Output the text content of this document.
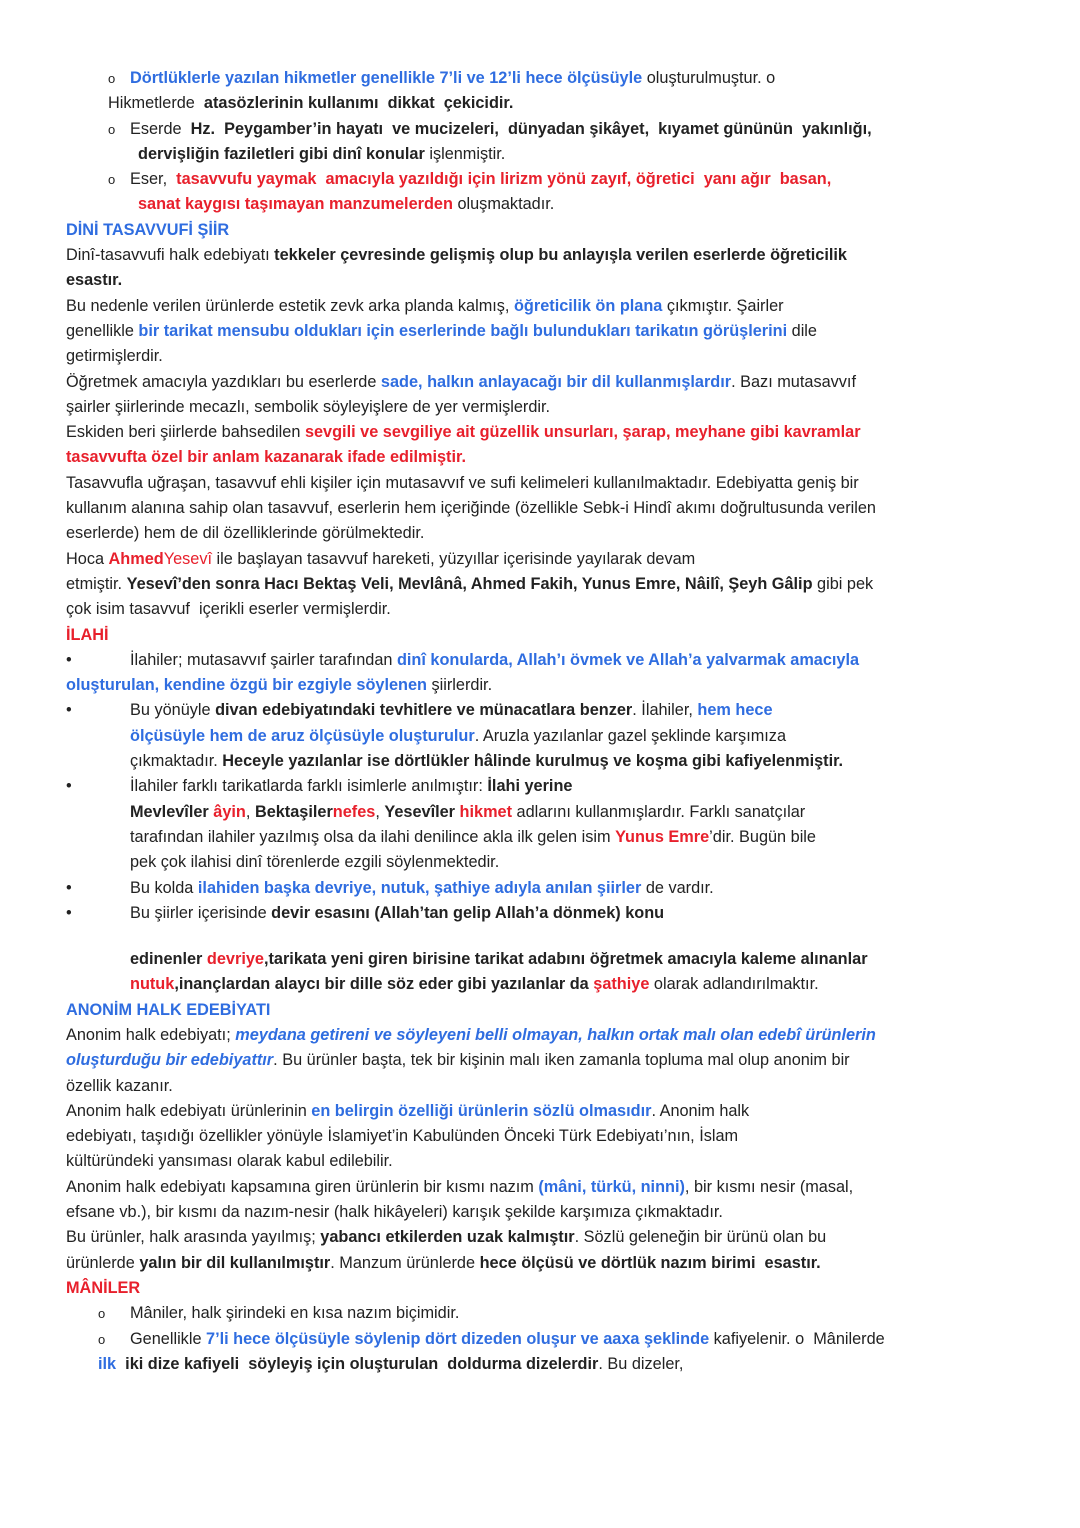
o Dörtlüklerle yazılan hikmetler genellikle 7’li ve 12’li hece ölçüsüyle oluşturulmuştur. o
Hikmetlerde  atasözlerinin kullanımı  dikkat  çekicidir.
o Eserde  Hz.  Peygamber’in hayatı  ve mucizeleri,  dünyadan şikâyet,  kıyamet gününün  yakınlığı,
dervişliğin faziletleri gibi dinî konular işlenmiştir.
o Eser,  tasavvufu yaymak  amacıyla yazıldığı için lirizm yönü zayıf, öğretici  yanı ağır  basan,
sanat kaygısı taşımayan manzumelerden oluşmaktadır.
DİNİ TASAVVUFİ ŞİİR
Dinî-tasavvufi halk edebiyatı tekkeler çevresinde gelişmiş olup bu anlayışla verilen eserlerde öğreticilik
esastır.
Bu nedenle verilen ürünlerde estetik zevk arka planda kalmış, öğreticilik ön plana çıkmıştır. Şairler
genellikle bir tarikat mensubu oldukları için eserlerinde bağlı bulundukları tarikatın görüşlerini dile
getirmişlerdir.
Öğretmek amacıyla yazdıkları bu eserlerde sade, halkın anlayacağı bir dil kullanmışlardır. Bazı mutasavvıf
şairler şiirlerinde mecazlı, sembolik söyleyişlere de yer vermişlerdir.
Eskiden beri şiirlerde bahsedilen sevgili ve sevgiliye ait güzellik unsurları, şarap, meyhane gibi kavramlar
tasavvufta özel bir anlam kazanarak ifade edilmiştir.
Tasavvufla uğraşan, tasavvuf ehli kişiler için mutasavvıf ve sufi kelimeleri kullanılmaktadır. Edebiyatta geniş bir
kullanım alanına sahip olan tasavvuf, eserlerin hem içeriğinde (özellikle Sebk-i Hindî akımı doğrultusunda verilen
eserlerde) hem de dil özelliklerinde görülmektedir.
Hoca AhmedYesevî ile başlayan tasavvuf hareketi, yüzyıllar içerisinde yayılarak devam
etmiştir. Yesevî’den sonra Hacı Bektaş Veli, Mevlânâ, Ahmed Fakih, Yunus Emre, Nâilî, Şeyh Gâlip gibi pek
çok isim tasavvuf  içerikli eserler vermişlerdir.
İLAHİ
•	İlahiler; mutasavvıf şairler tarafından dinî konularda, Allah’ı övmek ve Allah’a yalvarmak amacıyla
oluşturulan, kendine özgü bir ezgiyle söylenen şiirlerdir.
•	Bu yönüyle divan edebiyatındaki tevhitlere ve münacatlara benzer. İlahiler, hem hece
ölçüsüyle hem de aruz ölçüsüyle oluşturulur. Aruzla yazılanlar gazel şeklinde karşımıza
çıkmaktadır. Heceyle yazılanlar ise dörtlükler hâlinde kurulmuş ve koşma gibi kafiyelenmiştir.
•	İlahiler farklı tarikatlarda farklı isimlerle anılmıştır: İlahi yerine
Mevlevîler âyin, Bektaşilernefes, Yesevîler hikmet adlarını kullanmışlardır. Farklı sanatçılar
tarafından ilahiler yazılmış olsa da ilahi denilince akla ilk gelen isim Yunus Emre’dir. Bugün bile
pek çok ilahisi dinî törenlerde ezgili söylenmektedir.
•	Bu kolda ilahiden başka devriye, nutuk, şathiye adıyla anılan şiirler de vardır.
•	Bu şiirler içerisinde devir esasını (Allah’tan gelip Allah’a dönmek) konu
edinenler devriye,tarikata yeni giren birisine tarikat adabını öğretmek amacıyla kaleme alınanlar
nutuk,inançlardan alaycı bir dille söz eder gibi yazılanlar da şathiye olarak adlandırılmaktır.
ANONİM HALK EDEBİYATI
Anonim halk edebiyatı; meydana getireni ve söyleyeni belli olmayan, halkın ortak malı olan edebî ürünlerin
oluşturduğu bir edebiyattır. Bu ürünler başta, tek bir kişinin malı iken zamanla topluma mal olup anonim bir
özellik kazanır.
Anonim halk edebiyatı ürünlerinin en belirgin özelliği ürünlerin sözlü olmasıdır. Anonim halk
edebiyatı, taşıdığı özellikler yönüyle İslamiyet’in Kabulünden Önceki Türk Edebiyatı’nın, İslam
kültüründeki yansıması olarak kabul edilebilir.
Anonim halk edebiyatı kapsamına giren ürünlerin bir kısmı nazım (mâni, türkü, ninni), bir kısmı nesir (masal,
efsane vb.), bir kısmı da nazım-nesir (halk hikâyeleri) karışık şekilde karşımıza çıkmaktadır.
Bu ürünler, halk arasında yayılmış; yabancı etkilerden uzak kalmıştır. Sözlü geleneğin bir ürünü olan bu
ürünlerde yalın bir dil kullanılmıştır. Manzum ürünlerde hece ölçüsü ve dörtlük nazım birimi  esastır.
MÂNİLER
o Mâniler, halk şirindeki en kısa nazım biçimidir.
o Genellikle 7’li hece ölçüsüyle söylenip dört dizeden oluşur ve aaxa şeklinde kafiyelenir. o  Mânilerde
ilk  iki dize kafiyeli  söyleyiş için oluşturulan  doldurma dizelerdir. Bu dizeler,
